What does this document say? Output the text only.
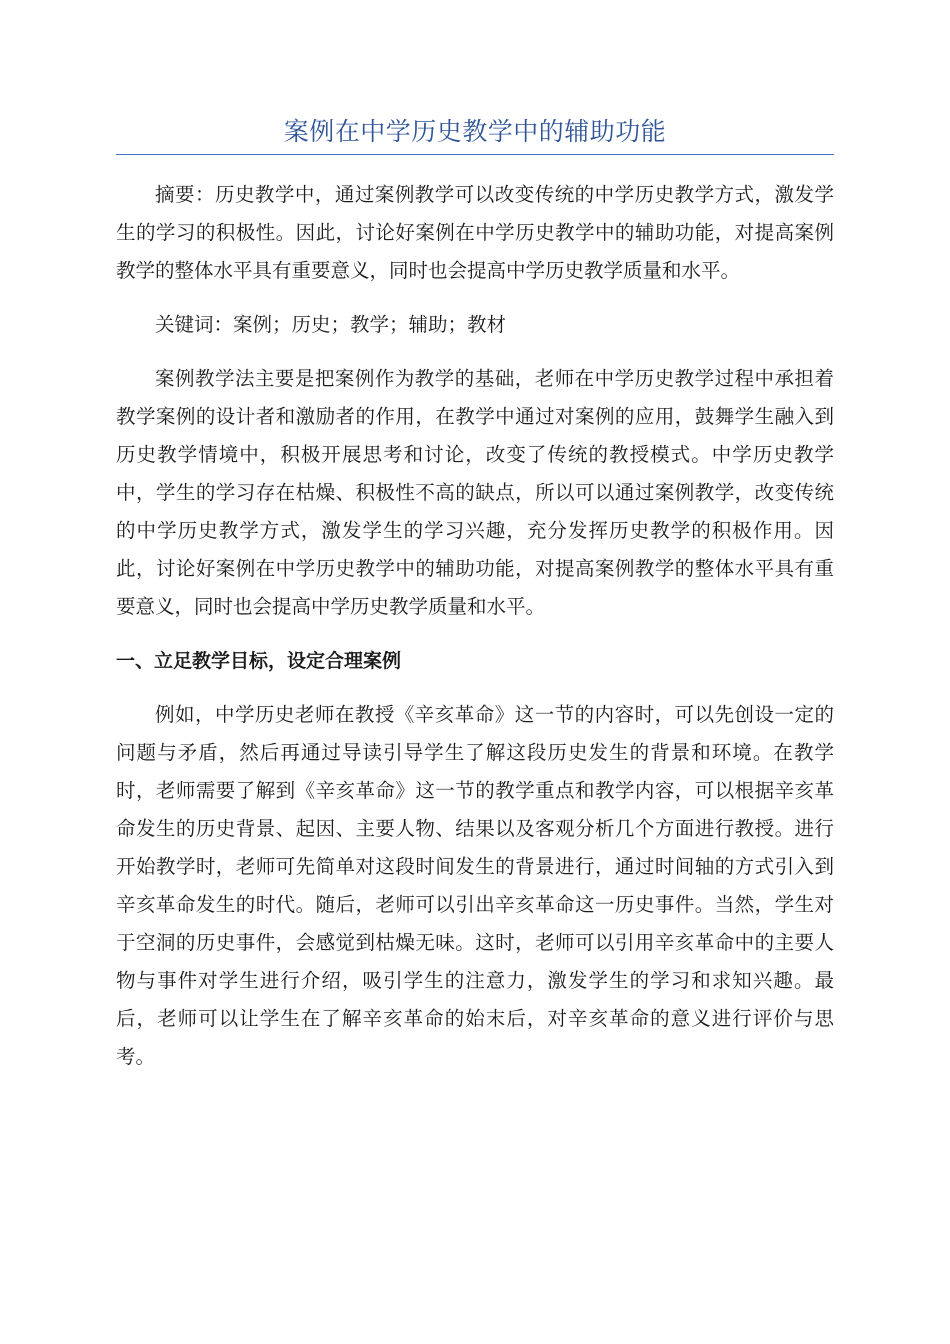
案例在中学历史教学中的辅助功能

摘要：历史教学中，通过案例教学可以改变传统的中学历史教学方式，激发学生的学习的积极性。因此，讨论好案例在中学历史教学中的辅助功能，对提高案例教学的整体水平具有重要意义，同时也会提高中学历史教学质量和水平。

关键词：案例；历史；教学；辅助；教材

案例教学法主要是把案例作为教学的基础，老师在中学历史教学过程中承担着教学案例的设计者和激励者的作用，在教学中通过对案例的应用，鼓舞学生融入到历史教学情境中，积极开展思考和讨论，改变了传统的教授模式。中学历史教学中，学生的学习存在枯燥、积极性不高的缺点，所以可以通过案例教学，改变传统的中学历史教学方式，激发学生的学习兴趣，充分发挥历史教学的积极作用。因此，讨论好案例在中学历史教学中的辅助功能，对提高案例教学的整体水平具有重要意义，同时也会提高中学历史教学质量和水平。

一、立足教学目标，设定合理案例

例如，中学历史老师在教授《辛亥革命》这一节的内容时，可以先创设一定的问题与矛盾，然后再通过导读引导学生了解这段历史发生的背景和环境。在教学时，老师需要了解到《辛亥革命》这一节的教学重点和教学内容，可以根据辛亥革命发生的历史背景、起因、主要人物、结果以及客观分析几个方面进行教授。进行开始教学时，老师可先简单对这段时间发生的背景进行，通过时间轴的方式引入到辛亥革命发生的时代。随后，老师可以引出辛亥革命这一历史事件。当然，学生对于空洞的历史事件，会感觉到枯燥无味。这时，老师可以引用辛亥革命中的主要人物与事件对学生进行介绍，吸引学生的注意力，激发学生的学习和求知兴趣。最后，老师可以让学生在了解辛亥革命的始末后，对辛亥革命的意义进行评价与思考。
